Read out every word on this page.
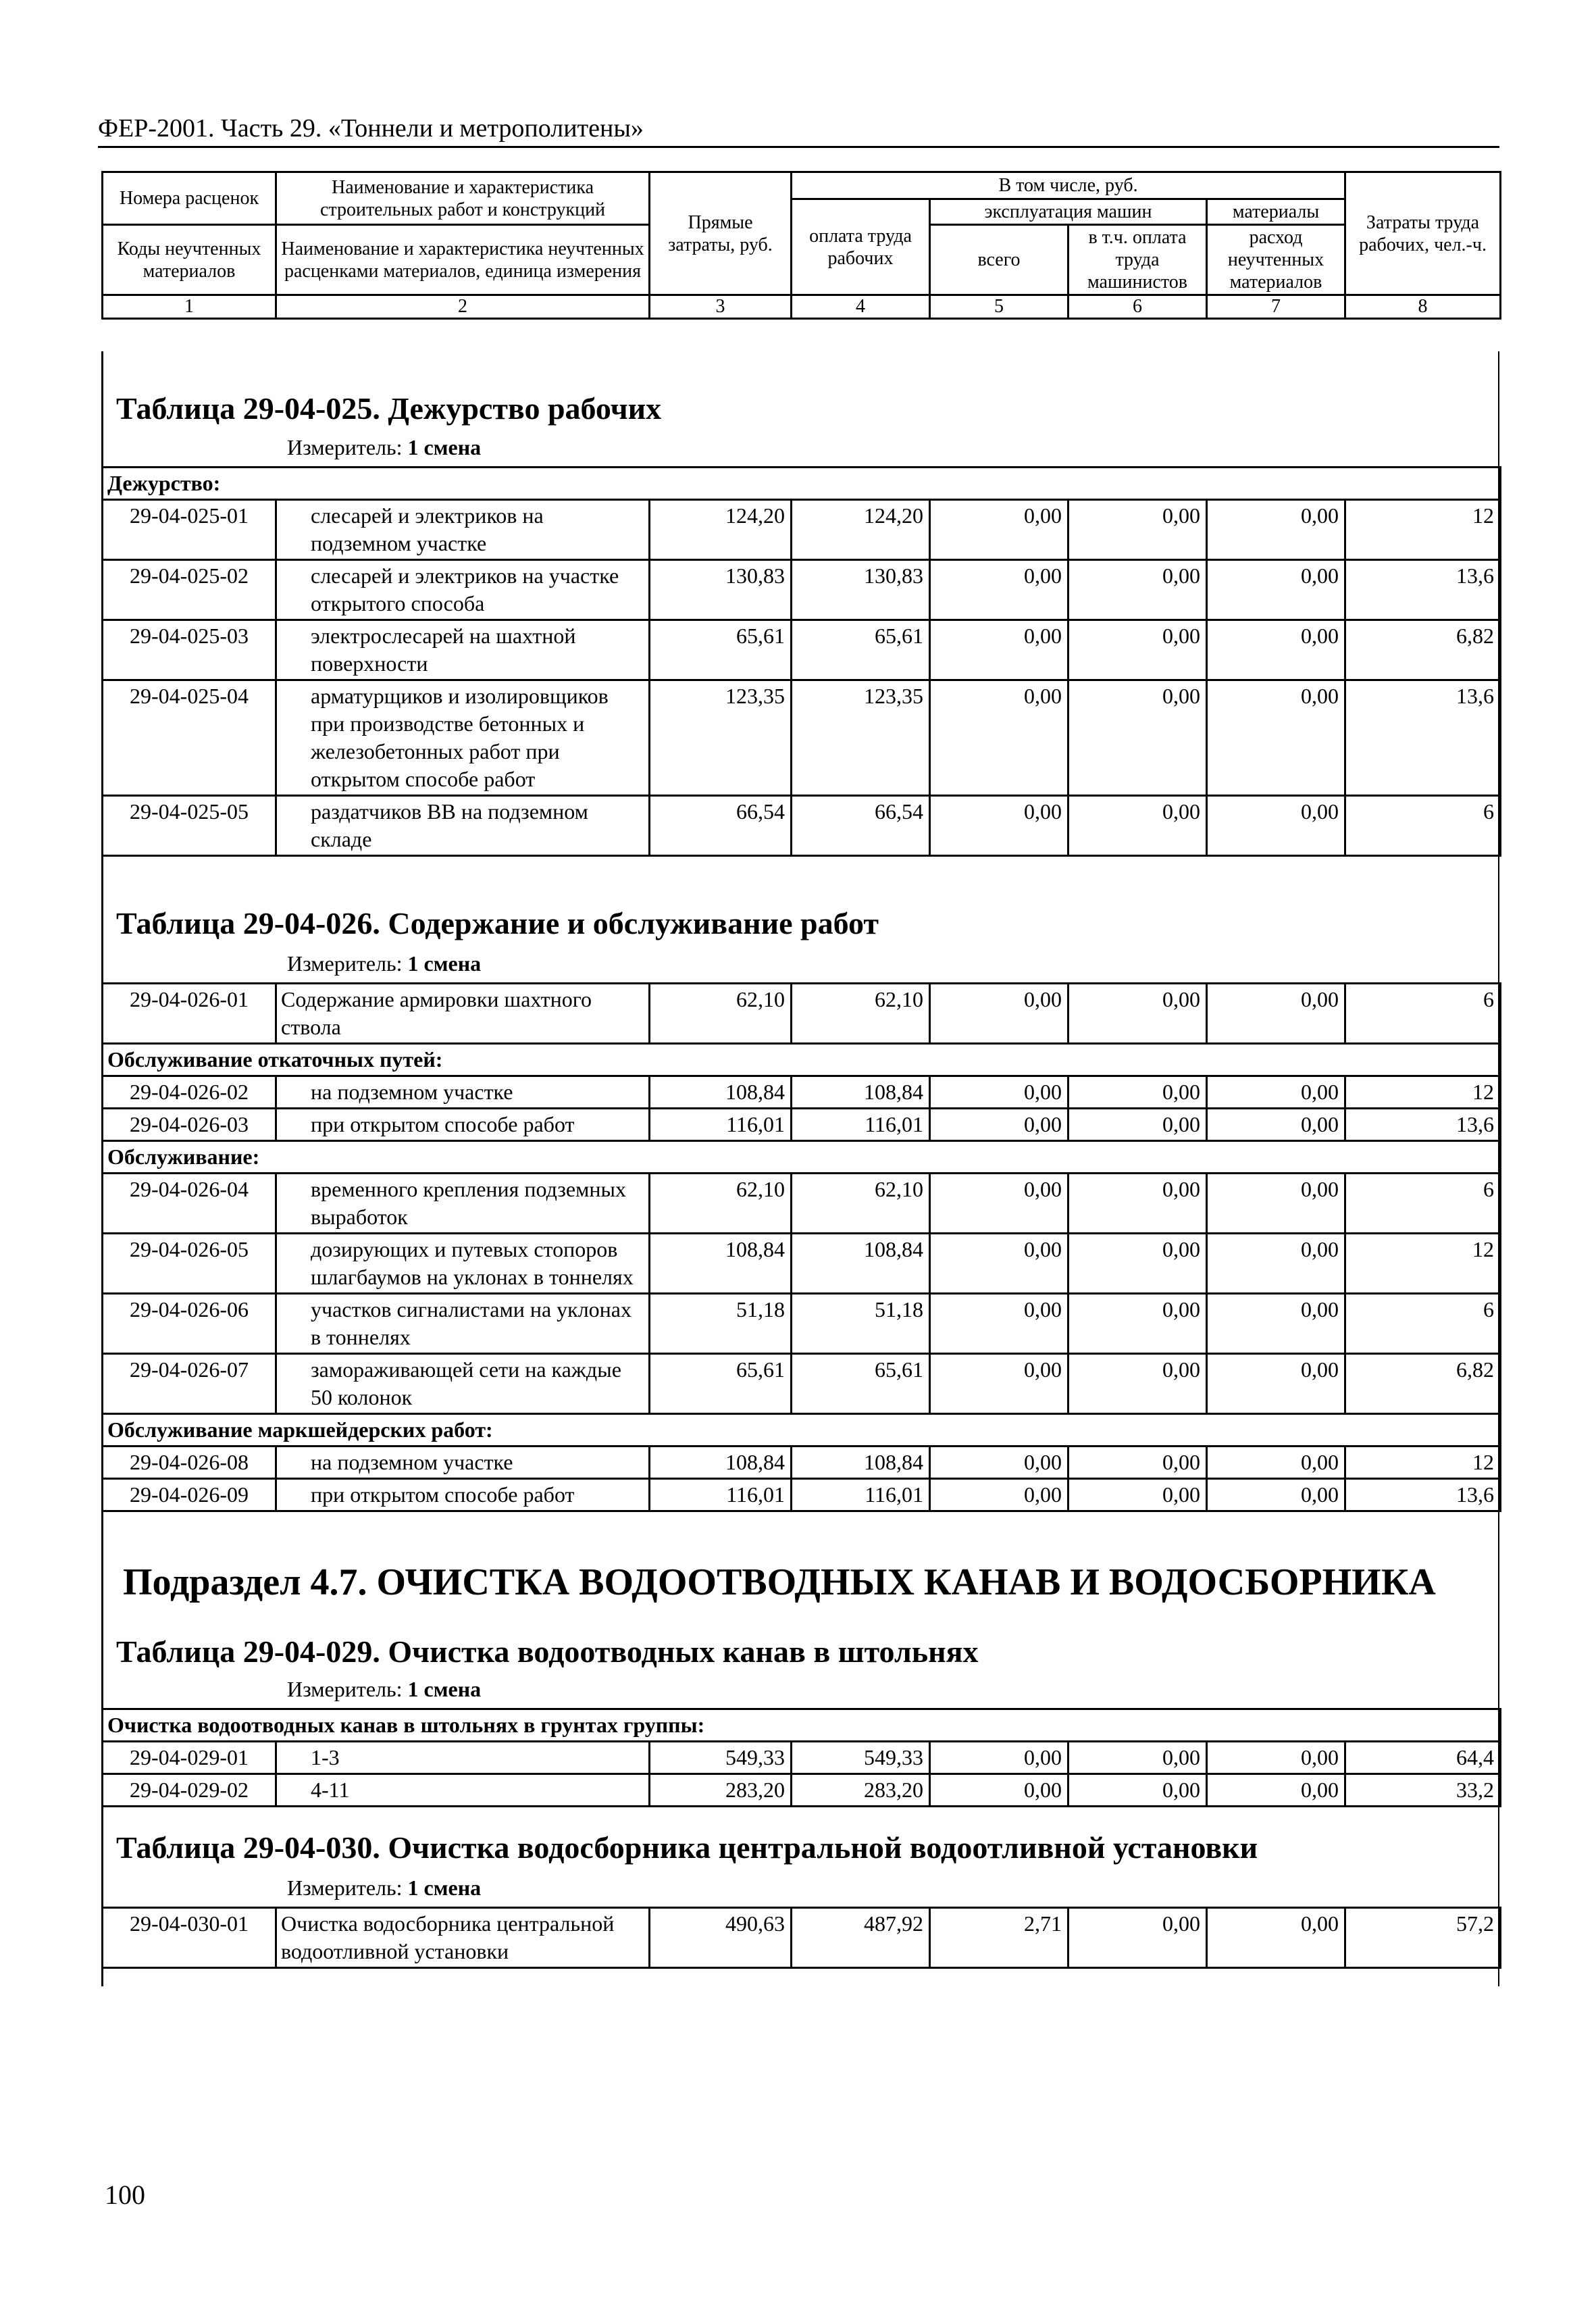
ФЕР-2001. Часть 29. «Тоннели и метрополитены»
Номера расценок	Наименование и характеристика строительных работ и конструкций	Прямые затраты, руб.	В том числе, руб.				Затраты труда рабочих, чел.-ч.
			оплата труда рабочих	эксплуатация машин		материалы	
Коды неучтенных материалов	Наименование и характеристика неучтенных расценками материалов, единица измерения			всего	в т.ч. оплата труда машинистов	расход неучтенных материалов	

1	2	3	4	5	6	7	8
Таблица 29-04-025. Дежурство рабочих
Измеритель: 1 смена
Дежурство:							
29-04-025-01	слесарей и электриков на подземном участке	124,20	124,20	0,00	0,00	0,00	12
29-04-025-02	слесарей и электриков на участке открытого способа	130,83	130,83	0,00	0,00	0,00	13,6
29-04-025-03	электрослесарей на шахтной поверхности	65,61	65,61	0,00	0,00	0,00	6,82
29-04-025-04	арматурщиков и изолировщиков при производстве бетонных и железобетонных работ при открытом способе работ	123,35	123,35	0,00	0,00	0,00	13,6
29-04-025-05	раздатчиков ВВ на подземном складе	66,54	66,54	0,00	0,00	0,00	6
Таблица 29-04-026. Содержание и обслуживание работ
Измеритель: 1 смена
29-04-026-01	Содержание армировки шахтного ствола	62,10	62,10	0,00	0,00	0,00	6
Обслуживание откаточных путей:							
29-04-026-02	на подземном участке	108,84	108,84	0,00	0,00	0,00	12
29-04-026-03	при открытом способе работ	116,01	116,01	0,00	0,00	0,00	13,6
Обслуживание:							
29-04-026-04	временного крепления подземных выработок	62,10	62,10	0,00	0,00	0,00	6
29-04-026-05	дозирующих и путевых стопоров шлагбаумов на уклонах в тоннелях	108,84	108,84	0,00	0,00	0,00	12
29-04-026-06	участков сигналистами на уклонах в тоннелях	51,18	51,18	0,00	0,00	0,00	6
29-04-026-07	замораживающей сети на каждые 50 колонок	65,61	65,61	0,00	0,00	0,00	6,82
Обслуживание маркшейдерских работ:							
29-04-026-08	на подземном участке	108,84	108,84	0,00	0,00	0,00	12
29-04-026-09	при открытом способе работ	116,01	116,01	0,00	0,00	0,00	13,6
Подраздел 4.7. ОЧИСТКА ВОДООТВОДНЫХ КАНАВ И ВОДОСБОРНИКА
Таблица 29-04-029. Очистка водоотводных канав в штольнях
Измеритель: 1 смена
Очистка водоотводных канав в штольнях в грунтах группы:							
29-04-029-01	1-3	549,33	549,33	0,00	0,00	0,00	64,4
29-04-029-02	4-11	283,20	283,20	0,00	0,00	0,00	33,2
Таблица 29-04-030. Очистка водосборника центральной водоотливной установки
Измеритель: 1 смена
29-04-030-01	Очистка водосборника центральной водоотливной установки	490,63	487,92	2,71	0,00	0,00	57,2
100
